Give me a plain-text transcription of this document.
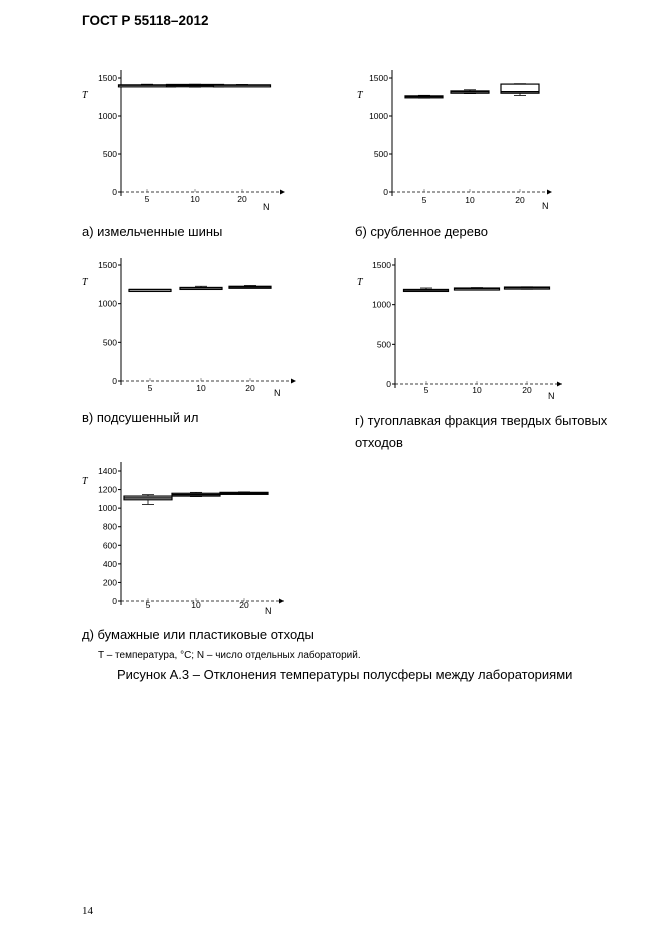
ГОСТ Р 55118–2012
0
500
1000
1500
T
5	10	20
N
0
500
1000
1500
T
5	10	20
N
0
500
1000
1500
T
5	10	20 N
0
500
1000
1500
T
5	10	20
N
0
200
400
600
800
1000
1200
1400
T
5	10	20
N
а) измельченные шины	б) срубленное дерево
в) подсушенный ил	г) тугоплавкая фракция твердых бытовых отходов
д) бумажные или пластиковые отходы
T – температура, °С; N – число отдельных лабораторий.
Рисунок А.3 – Отклонения температуры полусферы между лабораториями
14
